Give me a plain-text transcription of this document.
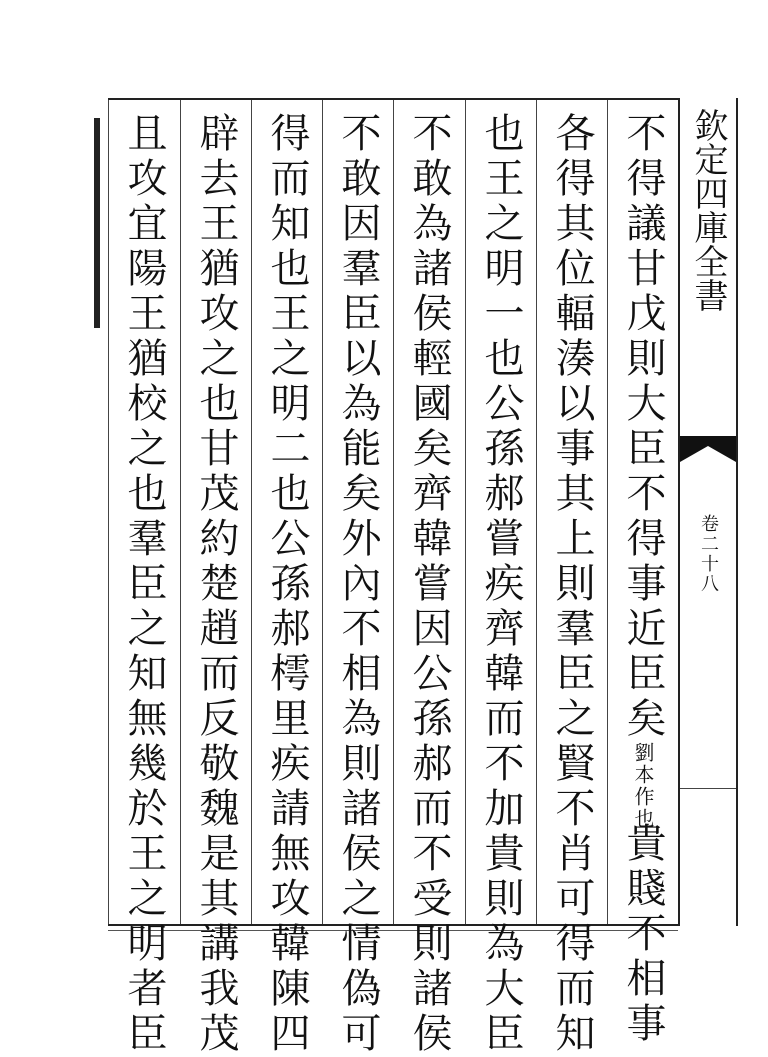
不得議甘戊則大臣不得事近臣矣劉本作也貴賤不相事
各得其位輻湊以事其上則羣臣之賢不肖可得而知
也王之明一也公孫郝嘗疾齊韓而不加貴則為大臣
不敢為諸侯輕國矣齊韓嘗因公孫郝而不受則諸侯
不敢因羣臣以為能矣外內不相為則諸侯之情偽可
得而知也王之明二也公孫郝樗里疾請無攻韓陳四
辟去王猶攻之也甘茂約楚趙而反敬魏是其講我茂
且攻宜陽王猶校之也羣臣之知無幾於王之明者臣	欽定四庫全書
卷二十八
